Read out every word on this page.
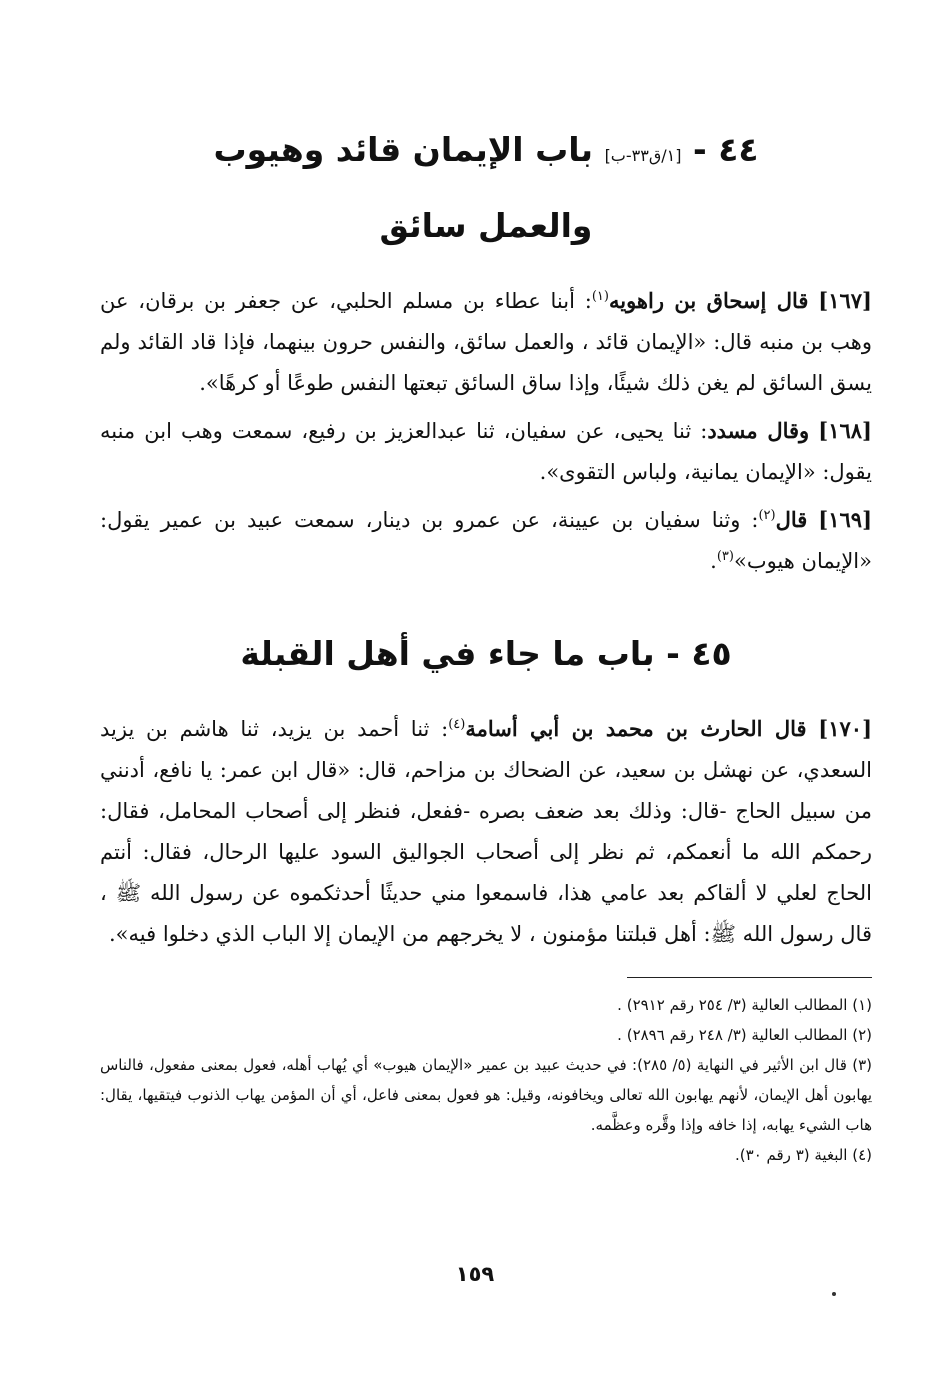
٤٤ - [١/ق٣٣-ب] باب الإيمان قائد وهيوب
والعمل سائق

[١٦٧] قال إسحاق بن راهويه$^{(١)}$: أبنا عطاء بن مسلم الحلبي، عن جعفر بن برقان، عن وهب بن منبه قال: «الإيمان قائد ، والعمل سائق، والنفس حرون بينهما، فإذا قاد القائد ولم يسق السائق لم يغن ذلك شيئًا، وإذا ساق السائق تبعتها النفس طوعًا أو كرهًا».

[١٦٨] وقال مسدد: ثنا يحيى، عن سفيان، ثنا عبدالعزيز بن رفيع، سمعت وهب ابن منبه يقول: «الإيمان يمانية، ولباس التقوى».

[١٦٩] قال$^{(٢)}$: وثنا سفيان بن عيينة، عن عمرو بن دينار، سمعت عبيد بن عمير يقول: «الإيمان هيوب»$^{(٣)}$.

٤٥ - باب ما جاء في أهل القبلة

[١٧٠] قال الحارث بن محمد بن أبي أسامة$^{(٤)}$: ثنا أحمد بن يزيد، ثنا هاشم بن يزيد السعدي، عن نهشل بن سعيد، عن الضحاك بن مزاحم، قال: «قال ابن عمر: يا نافع، أدنني من سبيل الحاج -قال: وذلك بعد ضعف بصره -ففعل، فنظر إلى أصحاب المحامل، فقال: رحمكم الله ما أنعمكم، ثم نظر إلى أصحاب الجواليق السود عليها الرحال، فقال: أنتم الحاج لعلي لا ألقاكم بعد عامي هذا، فاسمعوا مني حديثًا أحدثكموه عن رسول الله ﷺ ، قال رسول الله ﷺ: أهل قبلتنا مؤمنون ، لا يخرجهم من الإيمان إلا الباب الذي دخلوا فيه».

(١) المطالب العالية (٣/ ٢٥٤ رقم ٢٩١٢) .

(٢) المطالب العالية (٣/ ٢٤٨ رقم ٢٨٩٦) .

(٣) قال ابن الأثير في النهاية (٥/ ٢٨٥): في حديث عبيد بن عمير «الإيمان هيوب» أي يُهاب أهله، فعول بمعنى مفعول، فالناس يهابون أهل الإيمان، لأنهم يهابون الله تعالى ويخافونه، وقيل: هو فعول بمعنى فاعل، أي أن المؤمن يهاب الذنوب فيتقيها، يقال: هاب الشيء يهابه، إذا خافه وإذا وقَّره وعظَّمه.

(٤) البغية (٣ رقم ٣٠).

١٥٩
